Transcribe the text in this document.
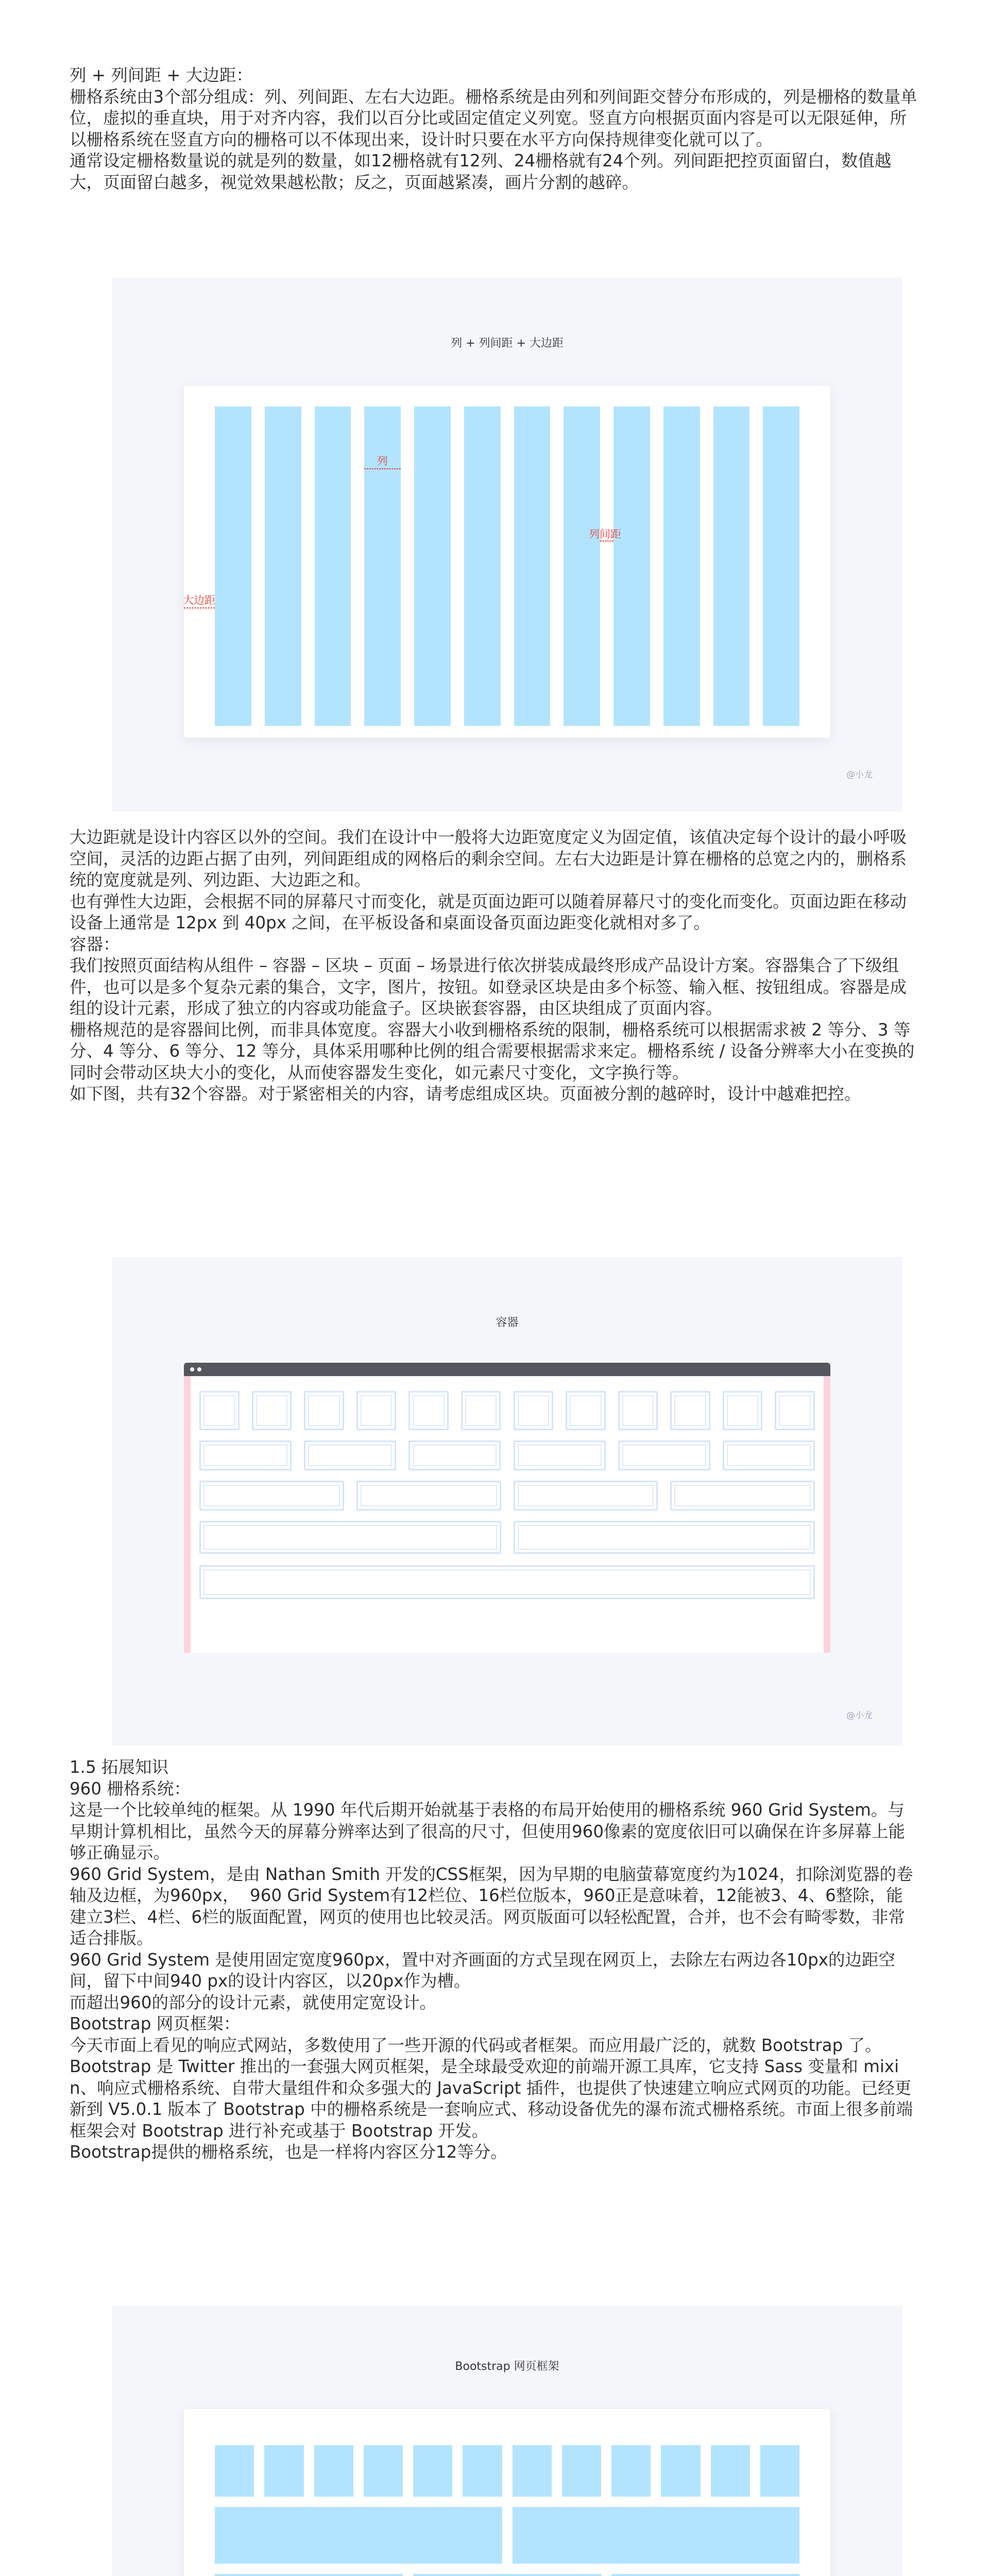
列 + 列间距 + 大边距：

栅格系统由3个部分组成：列、列间距、左右大边距。栅格系统是由列和列间距交替分布形成的，列是栅格的数量单位，虚拟的垂直块，用于对齐内容，我们以百分比或固定值定义列宽。竖直方向根据页面内容是可以无限延伸，所以栅格系统在竖直方向的栅格可以不体现出来，设计时只要在水平方向保持规律变化就可以了。

通常设定栅格数量说的就是列的数量，如12栅格就有12列、24栅格就有24个列。列间距把控页面留白，数值越大，页面留白越多，视觉效果越松散；反之，页面越紧凑，画片分割的越碎。

列 + 列间距 + 大边距
列
列间距
大边距
@小龙

大边距就是设计内容区以外的空间。我们在设计中一般将大边距宽度定义为固定值，该值决定每个设计的最小呼吸空间，灵活的边距占据了由列，列间距组成的网格后的剩余空间。左右大边距是计算在栅格的总宽之内的，删格系统的宽度就是列、列边距、大边距之和。

也有弹性大边距，会根据不同的屏幕尺寸而变化，就是页面边距可以随着屏幕尺寸的变化而变化。页面边距在移动设备上通常是 12px 到 40px 之间，在平板设备和桌面设备页面边距变化就相对多了。

容器：

我们按照页面结构从组件 – 容器 – 区块 – 页面 – 场景进行依次拼装成最终形成产品设计方案。容器集合了下级组件，也可以是多个复杂元素的集合，文字，图片，按钮。如登录区块是由多个标签、输入框、按钮组成。容器是成组的设计元素，形成了独立的内容或功能盒子。区块嵌套容器，由区块组成了页面内容。

栅格规范的是容器间比例，而非具体宽度。容器大小收到栅格系统的限制，栅格系统可以根据需求被 2 等分、3 等分、4 等分、6 等分、12 等分，具体采用哪种比例的组合需要根据需求来定。栅格系统 / 设备分辨率大小在变换的同时会带动区块大小的变化，从而使容器发生变化，如元素尺寸变化，文字换行等。

如下图，共有32个容器。对于紧密相关的内容，请考虑组成区块。页面被分割的越碎时，设计中越难把控。

容器
@小龙
1.5 拓展知识

960 栅格系统：

这是一个比较单纯的框架。从 1990 年代后期开始就基于表格的布局开始使用的栅格系统 960 Grid System。与早期计算机相比，虽然今天的屏幕分辨率达到了很高的尺寸，但使用960像素的宽度依旧可以确保在许多屏幕上能够正确显示。

960 Grid System，是由 Nathan Smith 开发的CSS框架，因为早期的电脑萤幕宽度约为1024，扣除浏览器的卷轴及边框，为960px，  960 Grid System有12栏位、16栏位版本，960正是意味着，12能被3、4、6整除，能建立3栏、4栏、6栏的版面配置，网页的使用也比较灵活。网页版面可以轻松配置，合并，也不会有畸零数，非常适合排版。

960 Grid System 是使用固定宽度960px，置中对齐画面的方式呈现在网页上，去除左右两边各10px的边距空间，留下中间940 px的设计内容区，以20px作为槽。

而超出960的部分的设计元素，就使用定宽设计。

Bootstrap 网页框架：

今天市面上看见的响应式网站，多数使用了一些开源的代码或者框架。而应用最广泛的，就数 Bootstrap 了。

Bootstrap 是 Twitter 推出的一套强大网页框架，是全球最受欢迎的前端开源工具库，它支持 Sass 变量和 mixin、响应式栅格系统、自带大量组件和众多强大的 JavaScript 插件，也提供了快速建立响应式网页的功能。已经更新到 V5.0.1 版本了 Bootstrap 中的栅格系统是一套响应式、移动设备优先的瀑布流式栅格系统。市面上很多前端框架会对 Bootstrap 进行补充或基于 Bootstrap 开发。

Bootstrap提供的栅格系统，也是一样将内容区分12等分。

Bootstrap 网页框架
